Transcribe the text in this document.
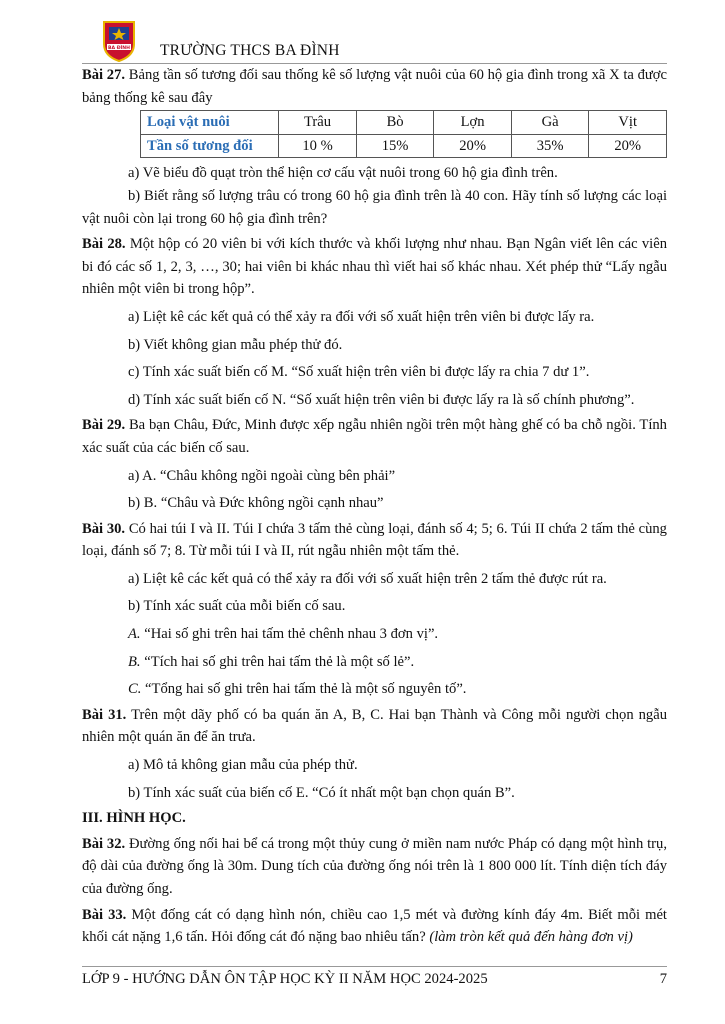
BA ĐÌNH TRƯỜNG THCS BA ĐÌNH

Bài 27. Bảng tần số tương đối sau thống kê số lượng vật nuôi của 60 hộ gia đình trong xã X ta được bảng thống kê sau đây

Loại vật nuôi	Trâu	Bò	Lợn	Gà	Vịt
Tần số tương đối	10 %	15%	20%	35%	20%

a) Vẽ biểu đồ quạt tròn thể hiện cơ cấu vật nuôi trong 60 hộ gia đình trên.

b) Biết rằng số lượng trâu có trong 60 hộ gia đình trên là 40 con. Hãy tính số lượng các loại vật nuôi còn lại trong 60 hộ gia đình trên?

Bài 28. Một hộp có 20 viên bi với kích thước và khối lượng như nhau. Bạn Ngân viết lên các viên bi đó các số 1, 2, 3, …, 30; hai viên bi khác nhau thì viết hai số khác nhau. Xét phép thử “Lấy ngẫu nhiên một viên bi trong hộp”.

a) Liệt kê các kết quả có thể xảy ra đối với số xuất hiện trên viên bi được lấy ra.

b) Viết không gian mẫu phép thử đó.

c) Tính xác suất biến cố M. “Số xuất hiện trên viên bi được lấy ra chia 7 dư 1”.

d) Tính xác suất biến cố N. “Số xuất hiện trên viên bi được lấy ra là số chính phương”.

Bài 29. Ba bạn Châu, Đức, Minh được xếp ngẫu nhiên ngồi trên một hàng ghế có ba chỗ ngồi. Tính xác suất của các biến cố sau.

a) A. “Châu không ngồi ngoài cùng bên phải”

b) B. “Châu và Đức không ngồi cạnh nhau”

Bài 30. Có hai túi I và II. Túi I chứa 3 tấm thẻ cùng loại, đánh số 4; 5; 6. Túi II chứa 2 tấm thẻ cùng loại, đánh số 7; 8. Từ mỗi túi I và II, rút ngẫu nhiên một tấm thẻ.

a) Liệt kê các kết quả có thể xảy ra đối với số xuất hiện trên 2 tấm thẻ được rút ra.

b) Tính xác suất của mỗi biến cố sau.

A. “Hai số ghi trên hai tấm thẻ chênh nhau 3 đơn vị”.

B. “Tích hai số ghi trên hai tấm thẻ là một số lẻ”.

C. “Tổng hai số ghi trên hai tấm thẻ là một số nguyên tố”.

Bài 31. Trên một dãy phố có ba quán ăn A, B, C. Hai bạn Thành và Công mỗi người chọn ngẫu nhiên một quán ăn để ăn trưa.

a) Mô tả không gian mẫu của phép thử.

b) Tính xác suất của biến cố E. “Có ít nhất một bạn chọn quán B”.

III. HÌNH HỌC.

Bài 32. Đường ống nối hai bể cá trong một thủy cung ở miền nam nước Pháp có dạng một hình trụ, độ dài của đường ống là 30m. Dung tích của đường ống nói trên là 1 800 000 lít. Tính diện tích đáy của đường ống.

Bài 33. Một đống cát có dạng hình nón, chiều cao 1,5 mét và đường kính đáy 4m. Biết mỗi mét khối cát nặng 1,6 tấn. Hỏi đống cát đó nặng bao nhiêu tấn? (làm tròn kết quả đến hàng đơn vị)

LỚP 9 - HƯỚNG DẪN ÔN TẬP HỌC KỲ II NĂM HỌC 2024-2025	7
